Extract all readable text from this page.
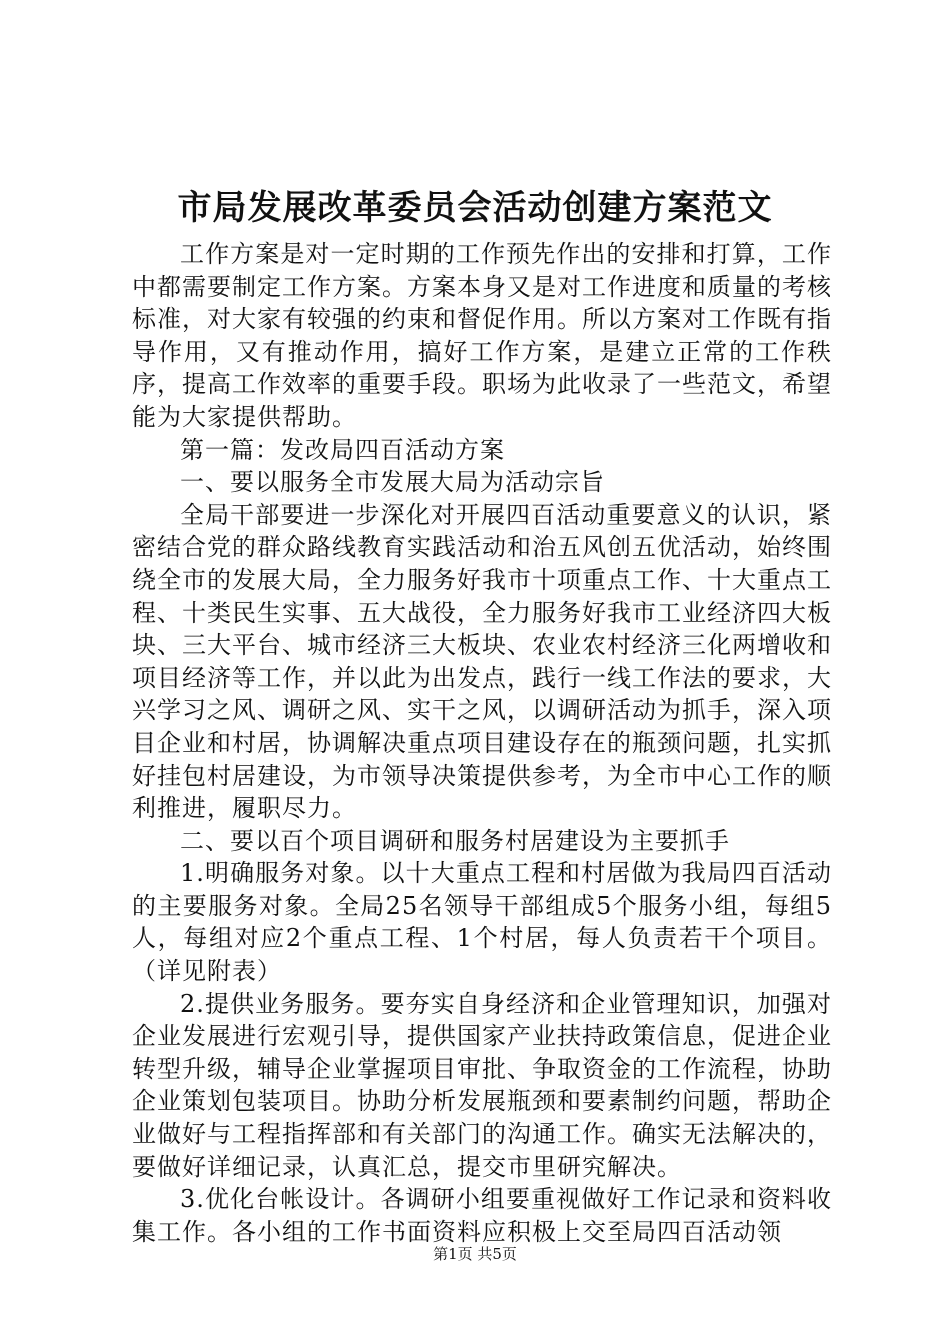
市局发展改革委员会活动创建方案范文

工作方案是对一定时期的工作预先作出的安排和打算，工作中都需要制定工作方案。方案本身又是对工作进度和质量的考核标准，对大家有较强的约束和督促作用。所以方案对工作既有指导作用，又有推动作用，搞好工作方案，是建立正常的工作秩序，提高工作效率的重要手段。职场为此收录了一些范文，希望能为大家提供帮助。

第一篇：发改局四百活动方案

一、要以服务全市发展大局为活动宗旨

全局干部要进一步深化对开展四百活动重要意义的认识，紧密结合党的群众路线教育实践活动和治五风创五优活动，始终围绕全市的发展大局，全力服务好我市十项重点工作、十大重点工程、十类民生实事、五大战役，全力服务好我市工业经济四大板块、三大平台、城市经济三大板块、农业农村经济三化两增收和项目经济等工作，并以此为出发点，践行一线工作法的要求，大兴学习之风、调研之风、实干之风，以调研活动为抓手，深入项目企业和村居，协调解决重点项目建设存在的瓶颈问题，扎实抓好挂包村居建设，为市领导决策提供参考，为全市中心工作的顺利推进，履职尽力。

二、要以百个项目调研和服务村居建设为主要抓手

1.明确服务对象。以十大重点工程和村居做为我局四百活动的主要服务对象。全局25名领导干部组成5个服务小组，每组5人，每组对应2个重点工程、1个村居，每人负责若干个项目。（详见附表）

2.提供业务服务。要夯实自身经济和企业管理知识，加强对企业发展进行宏观引导，提供国家产业扶持政策信息，促进企业转型升级，辅导企业掌握项目审批、争取资金的工作流程，协助企业策划包装项目。协助分析发展瓶颈和要素制约问题，帮助企业做好与工程指挥部和有关部门的沟通工作。确实无法解决的，要做好详细记录，认真汇总，提交市里研究解决。

3.优化台帐设计。各调研小组要重视做好工作记录和资料收集工作。各小组的工作书面资料应积极上交至局四百活动领

第1页 共5页
